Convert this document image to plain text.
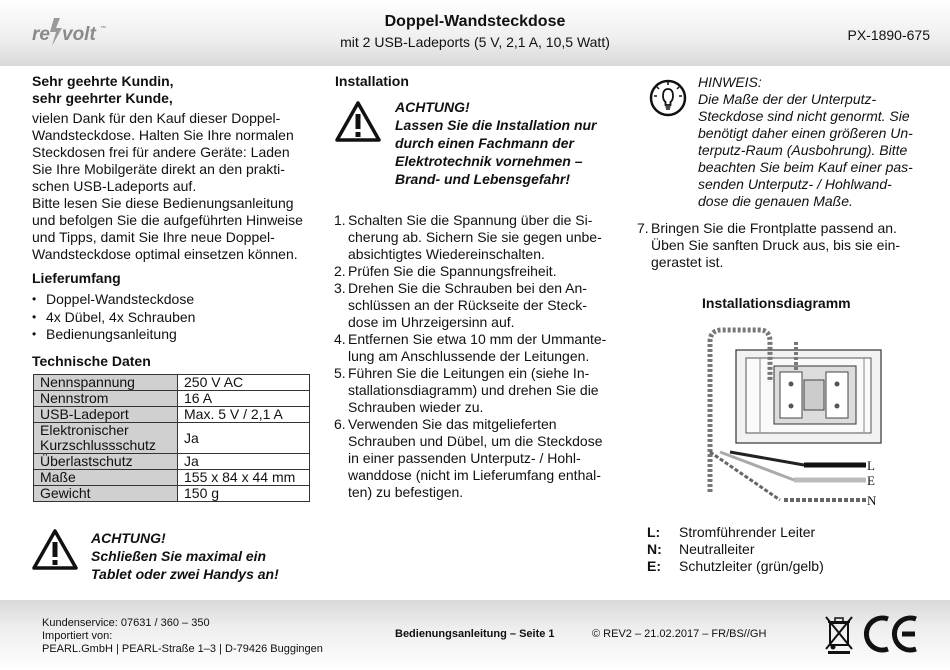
re volt ™	Doppel-Wandsteckdose
mit 2 USB-Ladeports (5 V, 2,1 A, 10,5 Watt)	PX-1890-675
Sehr geehrte Kundin,
sehr geehrter Kunde,
vielen Dank für den Kauf dieser Doppel-
Wandsteckdose. Halten Sie Ihre normalen
Steckdosen frei für andere Geräte: Laden
Sie Ihre Mobilgeräte direkt an den prakti-
schen USB-Ladeports auf.
Bitte lesen Sie diese Bedienungsanleitung
und befolgen Sie die aufgeführten Hinweise
und Tipps, damit Sie Ihre neue Doppel-
Wandsteckdose optimal einsetzen können.
Lieferumfang
• Doppel-Wandsteckdose
• 4x Dübel, 4x Schrauben
• Bedienungsanleitung
Technische Daten
Nennspannung	250 V AC
Nennstrom	16 A
USB-Ladeport	Max. 5 V / 2,1 A

Elektronischer
Kurzschlussschutz	Ja
Überlastschutz	Ja
Maße	155 x 84 x 44 mm
Gewicht	150 g
ACHTUNG!
Schließen Sie maximal ein
Tablet oder zwei Handys an!
Installation
ACHTUNG!
Lassen Sie die Installation nur
durch einen Fachmann der
Elektrotechnik vornehmen –
Brand- und Lebensgefahr!
1. Schalten Sie die Spannung über die Si-
cherung ab. Sichern Sie sie gegen unbe-
absichtigtes Wiedereinschalten.
2. Prüfen Sie die Spannungsfreiheit.
3. Drehen Sie die Schrauben bei den An-
schlüssen an der Rückseite der Steck-
dose im Uhrzeigersinn auf.
4. Entfernen Sie etwa 10 mm der Ummante-
lung am Anschlussende der Leitungen.
5. Führen Sie die Leitungen ein (siehe In-
stallationsdiagramm) und drehen Sie die
Schrauben wieder zu.
6. Verwenden Sie das mitgelieferten
Schrauben und Dübel, um die Steckdose
in einer passenden Unterputz- / Hohl-
wanddose (nicht im Lieferumfang enthal-
ten) zu befestigen.
HINWEIS:
Die Maße der der Unterputz-
Steckdose sind nicht genormt. Sie
benötigt daher einen größeren Un-
terputz-Raum (Ausbohrung). Bitte
beachten Sie beim Kauf einer pas-
senden Unterputz- / Hohlwand-
dose die genauen Maße.
7. Bringen Sie die Frontplatte passend an.
Üben Sie sanften Druck aus, bis sie ein-
gerastet ist.
Installationsdiagramm
L
E
N
L: Stromführender Leiter
N: Neutralleiter
E: Schutzleiter (grün/gelb)
Kundenservice: 07631 / 360 – 350
Importiert von:
PEARL.GmbH | PEARL-Straße 1–3 | D-79426 Buggingen
Bedienungsanleitung – Seite 1	© REV2 – 21.02.2017 – FR/BS//GH
